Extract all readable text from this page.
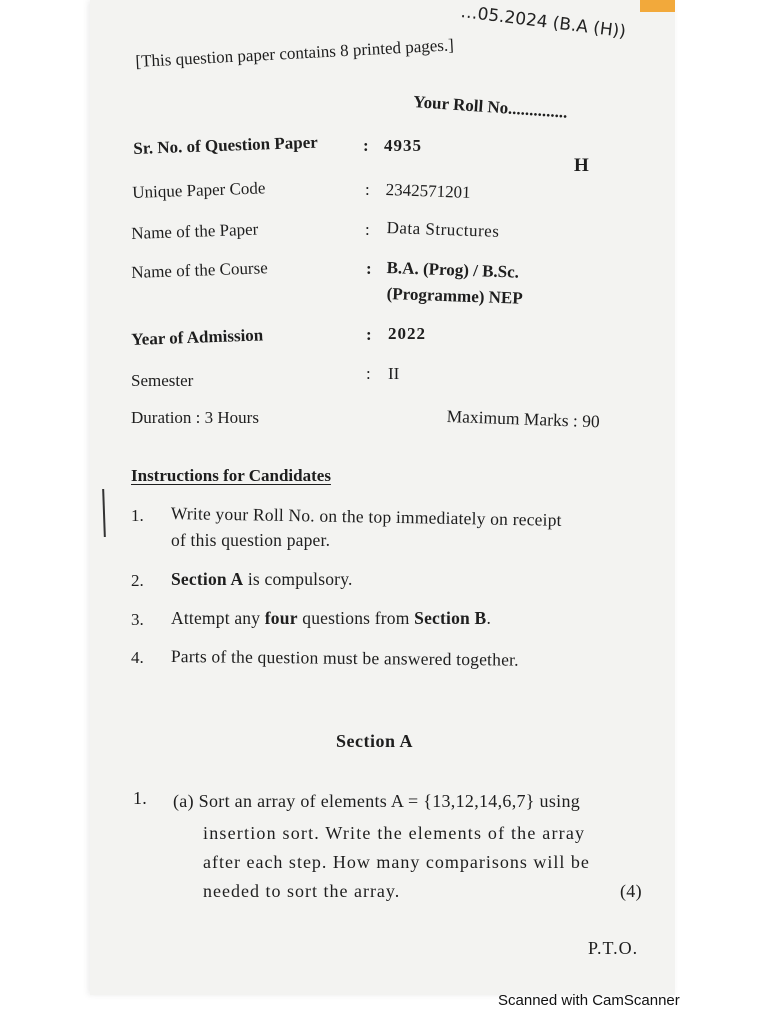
…05.2024 (B.A (H))
[This question paper contains 8 printed pages.]
Your Roll No..............
H
Sr. No. of Question Paper	: 4935
Unique Paper Code	: 2342571201
Name of the Paper	: Data Structures
Name of the Course	: B.A. (Prog) / B.Sc.
(Programme) NEP
Year of Admission	: 2022
Semester	: II
Duration : 3 Hours	Maximum Marks : 90
Instructions for Candidates
1. Write your Roll No. on the top immediately on receipt
of this question paper.
2. Section A is compulsory.
3. Attempt any four questions from Section B.
4. Parts of the question must be answered together.
Section A
1. (a) Sort an array of elements A = {13,12,14,6,7} using
insertion sort. Write the elements of the array
after each step. How many comparisons will be
needed to sort the array.	(4)
P.T.O.
Scanned with CamScanner
